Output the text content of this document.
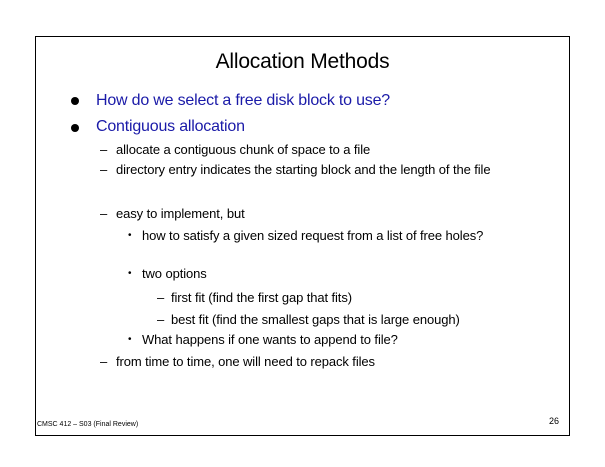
Allocation Methods
How do we select a free disk block to use?
Contiguous allocation
– allocate a contiguous chunk of space to a file
– directory entry indicates the starting block and the length of the file
– easy to implement, but
• how to satisfy a given sized request from a list of free holes?
• two options
– first fit (find the first gap that fits)
– best fit (find the smallest gaps that is large enough)
• What happens if one wants to append to file?
– from time to time, one will need to repack files
CMSC 412 – S03 (Final Review)	26
